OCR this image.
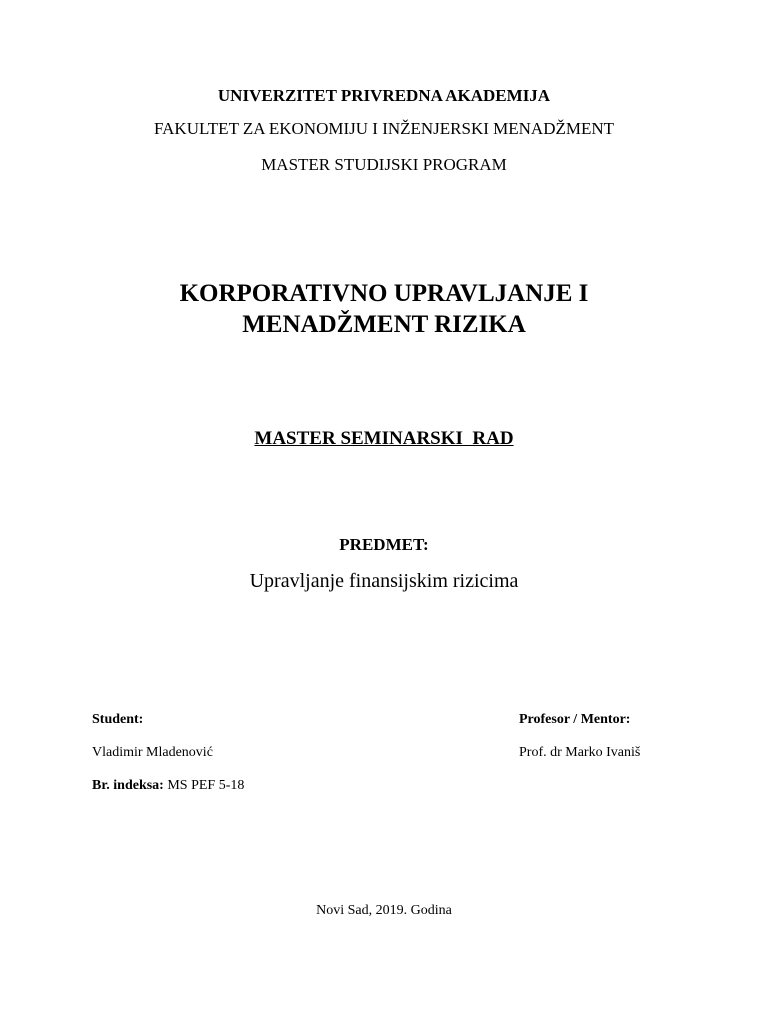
UNIVERZITET PRIVREDNA AKADEMIJA
FAKULTET ZA EKONOMIJU I INŽENJERSKI MENADŽMENT
MASTER STUDIJSKI PROGRAM
KORPORATIVNO UPRAVLJANJE I
MENADŽMENT RIZIKA
MASTER SEMINARSKI  RAD
PREDMET:
Upravljanje finansijskim rizicima
Student:
Vladimir Mladenović
Br. indeksa: MS PEF 5-18
Profesor / Mentor:
Prof. dr Marko Ivaniš
Novi Sad, 2019. Godina
